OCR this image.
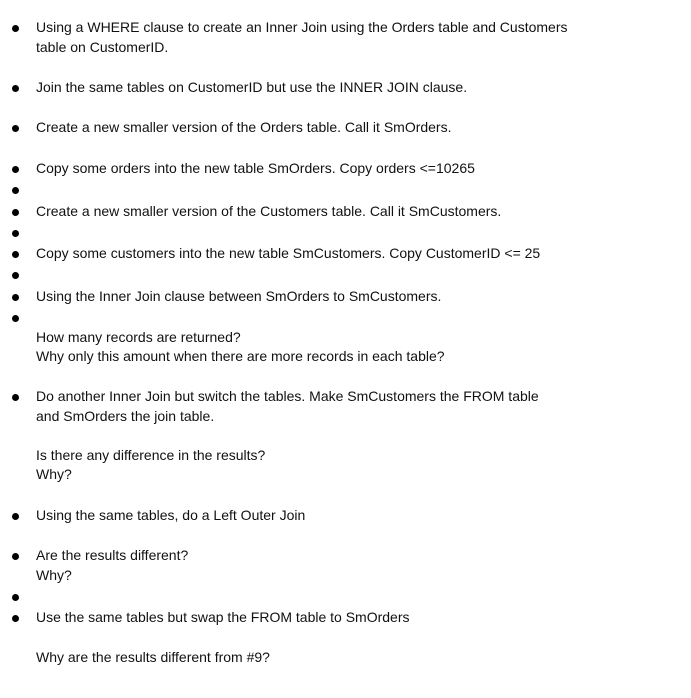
Using a WHERE clause to create an Inner Join using the Orders table and Customers
table on CustomerID.
Join the same tables on CustomerID but use the INNER JOIN clause.
Create a new smaller version of the Orders table. Call it SmOrders.
Copy some orders into the new table SmOrders. Copy orders <=10265
Create a new smaller version of the Customers table. Call it SmCustomers.
Copy some customers into the new table SmCustomers. Copy CustomerID <= 25
Using the Inner Join clause between SmOrders to SmCustomers.
How many records are returned?
Why only this amount when there are more records in each table?
Do another Inner Join but switch the tables. Make SmCustomers the FROM table
and SmOrders the join table.
Is there any difference in the results?
Why?
Using the same tables, do a Left Outer Join
Are the results different?
Why?
Use the same tables but swap the FROM table to SmOrders
Why are the results different from #9?
